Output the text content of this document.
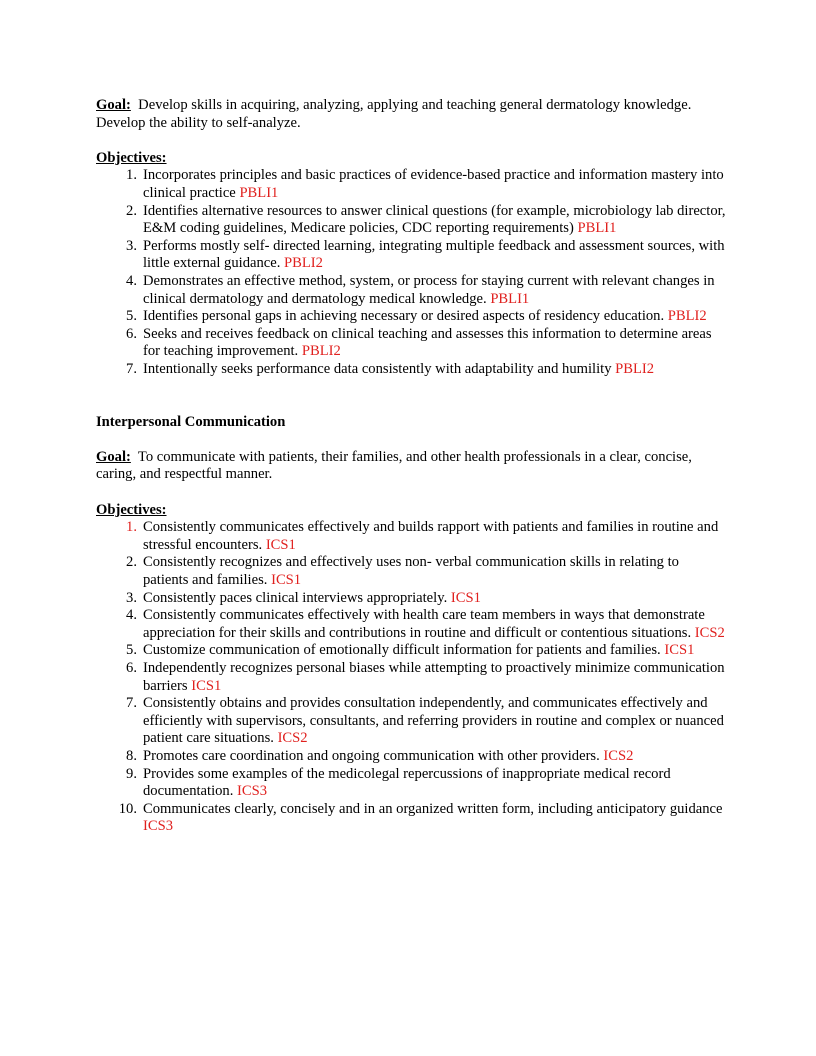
Goal: Develop skills in acquiring, analyzing, applying and teaching general dermatology knowledge. Develop the ability to self-analyze.

Objectives:

1. Incorporates principles and basic practices of evidence-based practice and information mastery into clinical practice PBLI1
2. Identifies alternative resources to answer clinical questions (for example, microbiology lab director, E&M coding guidelines, Medicare policies, CDC reporting requirements) PBLI1
3. Performs mostly self- directed learning, integrating multiple feedback and assessment sources, with little external guidance. PBLI2
4. Demonstrates an effective method, system, or process for staying current with relevant changes in clinical dermatology and dermatology medical knowledge. PBLI1
5. Identifies personal gaps in achieving necessary or desired aspects of residency education. PBLI2
6. Seeks and receives feedback on clinical teaching and assesses this information to determine areas for teaching improvement. PBLI2
7. Intentionally seeks performance data consistently with adaptability and humility PBLI2

Interpersonal Communication

Goal: To communicate with patients, their families, and other health professionals in a clear, concise, caring, and respectful manner.

Objectives:

1. Consistently communicates effectively and builds rapport with patients and families in routine and stressful encounters. ICS1
2. Consistently recognizes and effectively uses non- verbal communication skills in relating to patients and families. ICS1
3. Consistently paces clinical interviews appropriately. ICS1
4. Consistently communicates effectively with health care team members in ways that demonstrate appreciation for their skills and contributions in routine and difficult or contentious situations. ICS2
5. Customize communication of emotionally difficult information for patients and families. ICS1
6. Independently recognizes personal biases while attempting to proactively minimize communication barriers ICS1
7. Consistently obtains and provides consultation independently, and communicates effectively and efficiently with supervisors, consultants, and referring providers in routine and complex or nuanced patient care situations. ICS2
8. Promotes care coordination and ongoing communication with other providers. ICS2
9. Provides some examples of the medicolegal repercussions of inappropriate medical record documentation. ICS3
10. Communicates clearly, concisely and in an organized written form, including anticipatory guidance ICS3
